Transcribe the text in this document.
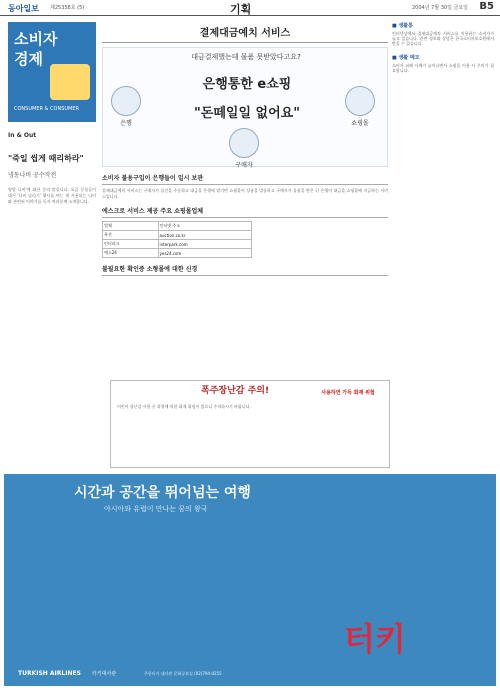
동아일보 제25358호 (5)	기획	2004년 7월 30일 금요일 B5
소비자
경제
CONSUMER & CONSUMER
In & Out
"죽일 씹게 때리하라"
냉동나비 공수작전
영업 나비'에 대한 문의 많습니다. 요즘 동물들이 대거 '나비 날리기' 행사를 여는 데 사용되는 나비와 관련된 이야기를 독자 여러분께 소개합니다.
결제대금예치 서비스
대금결제했는데 물품 못받았다고요?
은행통한 e쇼핑
"돈떼일일 없어요"
은행
구매자
쇼핑몰
소비자 불용구입이 은행들이 일시 보관
결제대금예치 서비스는 구매자가 물건을 주문하고 대금을 은행에 맡기면 쇼핑몰이 상품을 발송하고 구매자가 물품을 받은 뒤 은행이 대금을 쇼핑몰에 지급하는 서비스입니다.
에스크로 서비스 제공 주요 쇼핑몰업체
업체	인터넷 주소
옥션	auction.co.kr
인터파크	interpark.com
예스24	yes24.com
불필요한 확인증 소형몰에 대한 신경
폭주장난감 주의!	사용하면 가득 화재 위험
어린이 장난감 사용 중 과열에 의한 화재 위험이 있으니 주의하시기 바랍니다.
■ 생활통
인터넷상에서 결제대금예치 서비스를 이용하는 소비자가 늘고 있습니다. 관련 정보와 상담은 한국소비자보호원에서 받을 수 있습니다.
■ 생활 메모
소비자 피해 사례가 늘어나면서 쇼핑몰 이용 시 주의가 필요합니다.
시간과 공간을 뛰어넘는 여행
아시아와 유럽이 만나는 꿈의 왕국
터키
TURKISH AIRLINES 터키대사관	주한터키 대사관 문화공보실 (02)794-0255
